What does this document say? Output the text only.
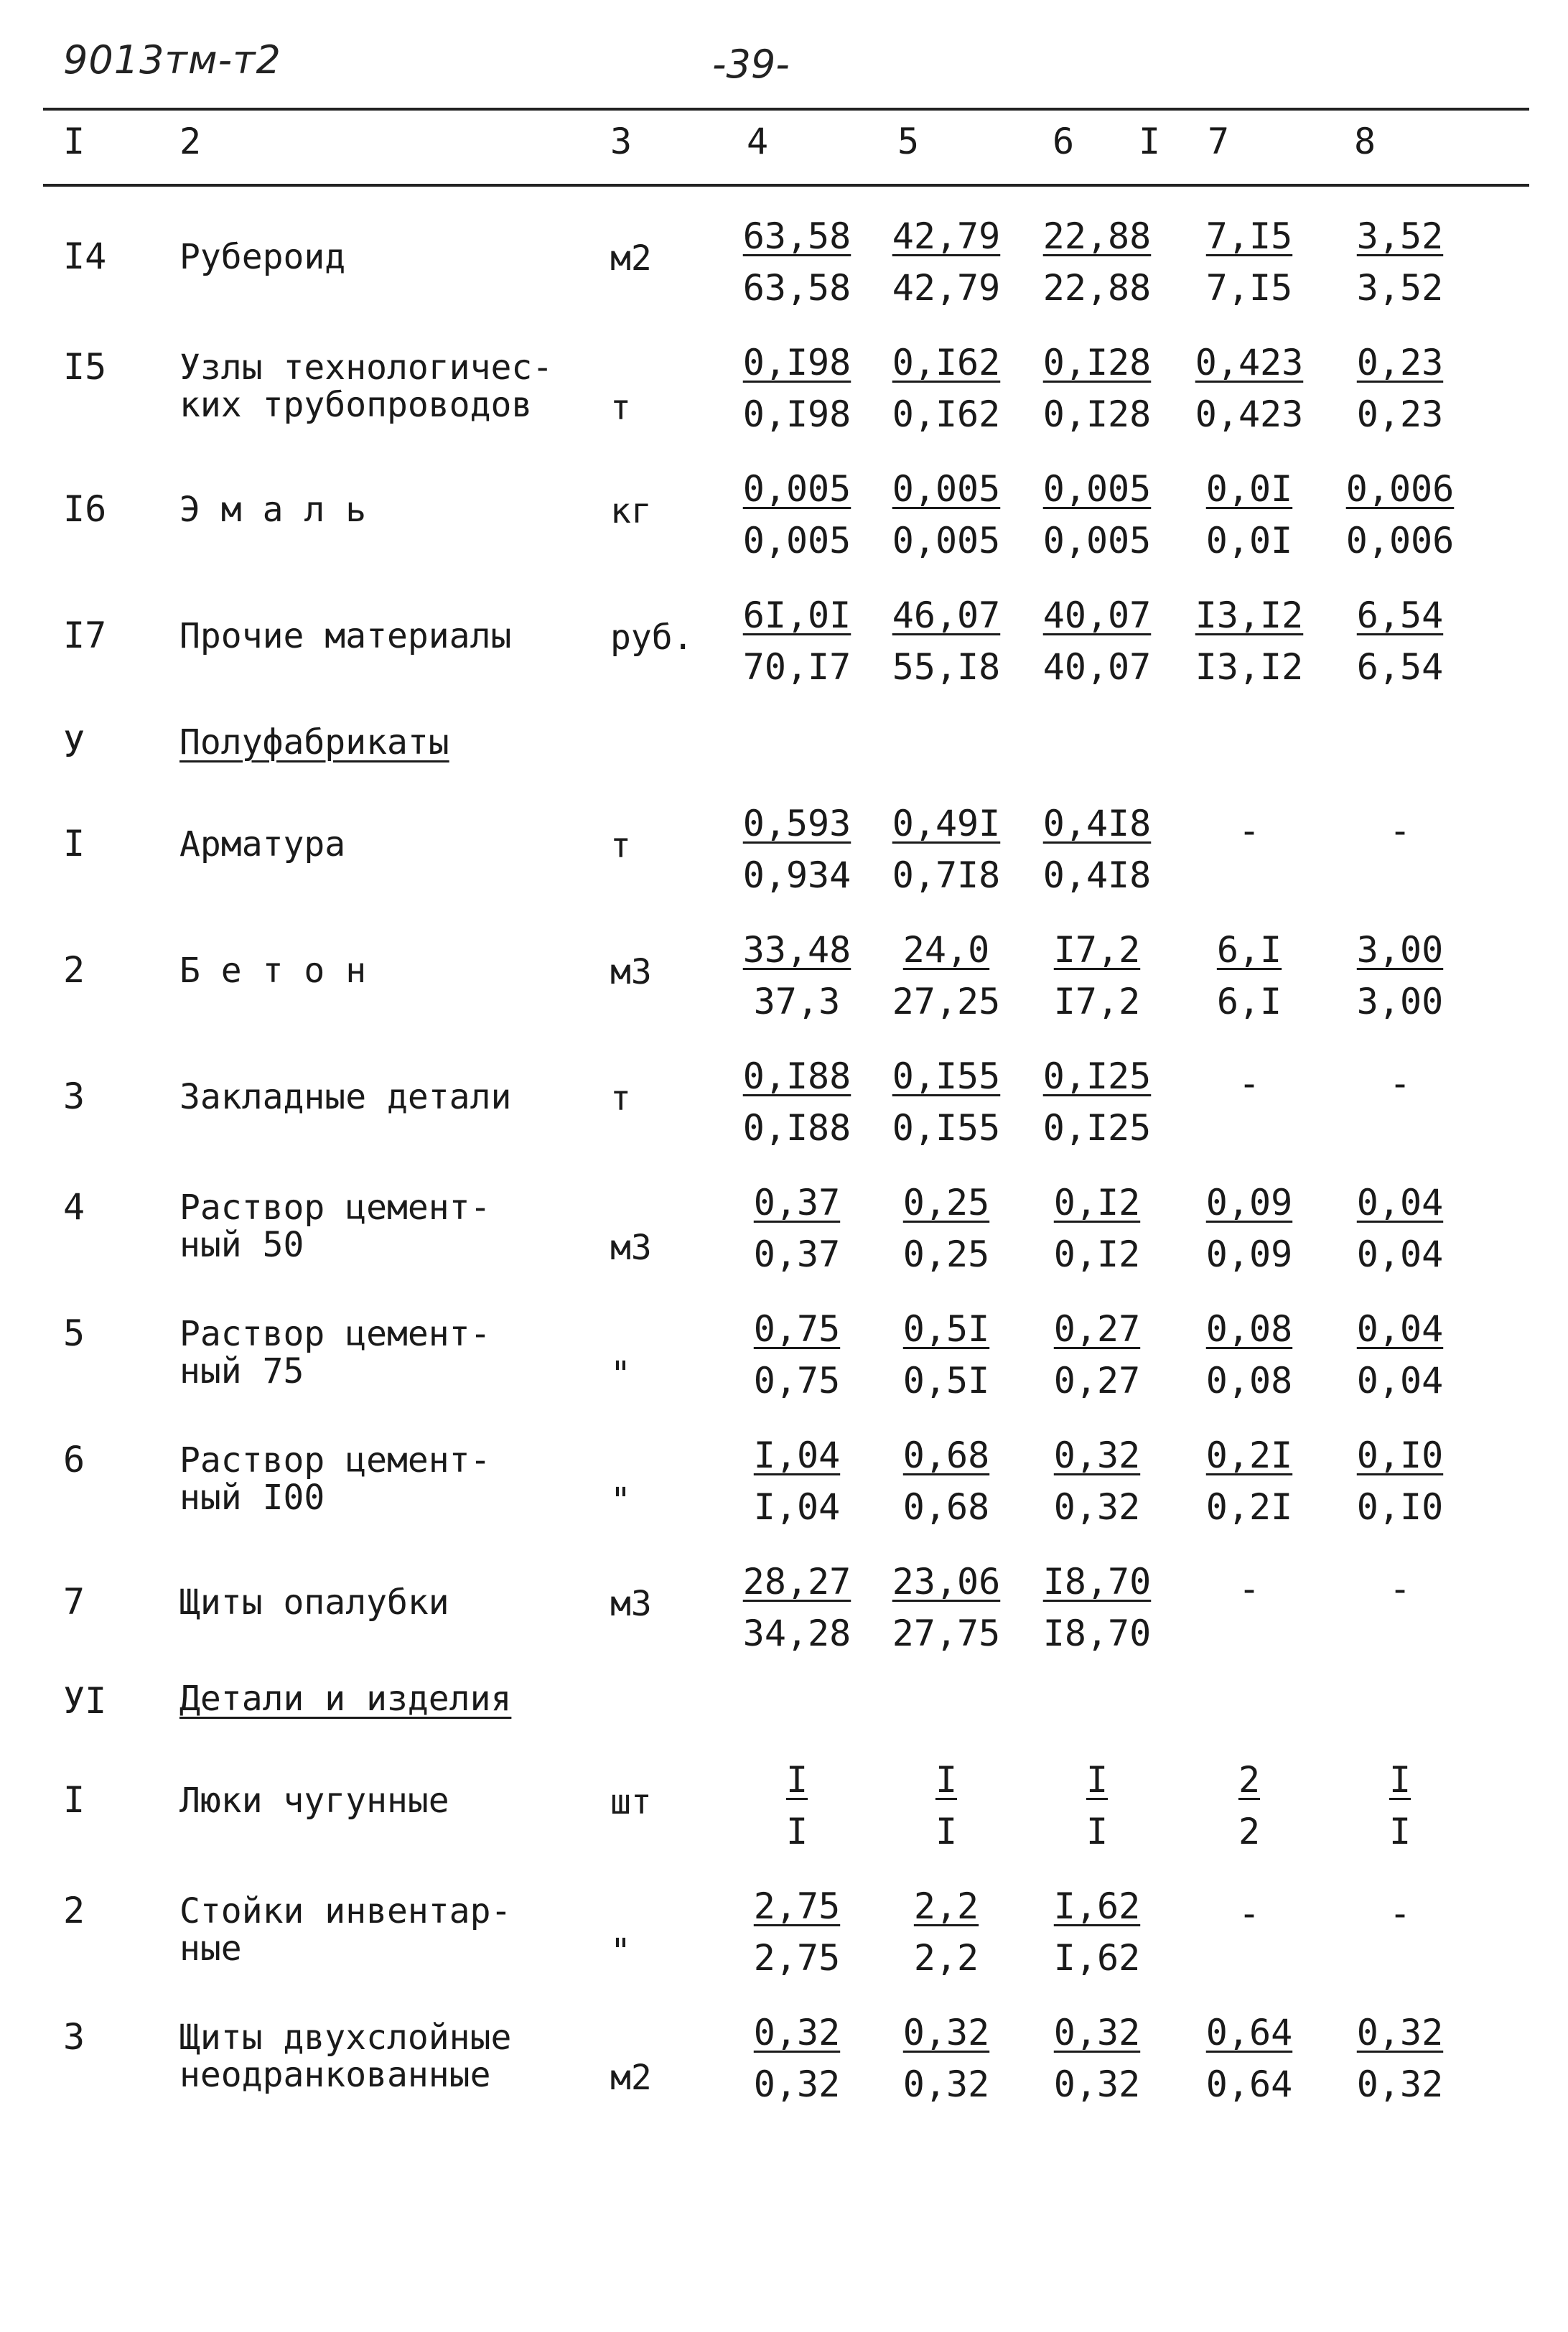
9013тм-т2	-39-
I	2	3	4	5	6 I 7	8
I4 Рубероид	$м2 \frac{63,58}{63,58} \frac{42,79}{42,79} \frac{22,88}{22,88} \frac{7,I5}{7,I5} \frac{3,52}{3,52}$
I5 Узлы технологичес-
ких трубопроводов	т	$\frac{0,I98}{0,I98} \frac{0,I62}{0,I62} \frac{0,I28}{0,I28} \frac{0,423}{0,423} \frac{0,23}{0,23}$
I6 Э м а л ь	кг $\frac{0,005}{0,005} \frac{0,005}{0,005} \frac{0,005}{0,005} \frac{0,0I}{0,0I} \frac{0,006}{0,006}$
I7 Прочие материалы	руб. $\frac{6I,0I}{70,I7} \frac{46,07}{55,I8} \frac{40,07}{40,07} \frac{I3,I2}{I3,I2} \frac{6,54}{6,54}$
У	Полуфабрикаты
I	Арматура	т	$\frac{0,593}{0,934} \frac{0,49I}{0,7I8} \frac{0,4I8}{0,4I8}$	-	-
2	Б е т о н	$м3 \frac{33,48}{37,3} \frac{24,0}{27,25} \frac{I7,2}{I7,2} \frac{6,I}{6,I} \frac{3,00}{3,00}$
3	Закладные детали	т	$\frac{0,I88}{0,I88} \frac{0,I55}{0,I55} \frac{0,I25}{0,I25}$	-	-
4	Раствор цемент-
ный 50	$м3 \frac{0,37}{0,37} \frac{0,25}{0,25} \frac{0,I2}{0,I2} \frac{0,09}{0,09} \frac{0,04}{0,04}$
5	Раствор цемент-
ный 75	"	$\frac{0,75}{0,75} \frac{0,5I}{0,5I} \frac{0,27}{0,27} \frac{0,08}{0,08} \frac{0,04}{0,04}$
6	Раствор цемент-
ный I00	"	$\frac{I,04}{I,04} \frac{0,68}{0,68} \frac{0,32}{0,32} \frac{0,2I}{0,2I} \frac{0,I0}{0,I0}$
7	Щиты опалубки	$м3 \frac{28,27}{34,28} \frac{23,06}{27,75} \frac{I8,70}{I8,70}$	-	-
УI Детали и изделия
I	Люки чугунные	шт $\frac{I}{I} \frac{I}{I} \frac{I}{I} \frac{2}{2} \frac{I}{I}$
2	Стойки инвентар-
ные	"	$\frac{2,75}{2,75} \frac{2,2}{2,2} \frac{I,62}{I,62}$	-	-
3	Щиты двухслойные
неодранкованные	$м2 \frac{0,32}{0,32} \frac{0,32}{0,32} \frac{0,32}{0,32} \frac{0,64}{0,64} \frac{0,32}{0,32}$
